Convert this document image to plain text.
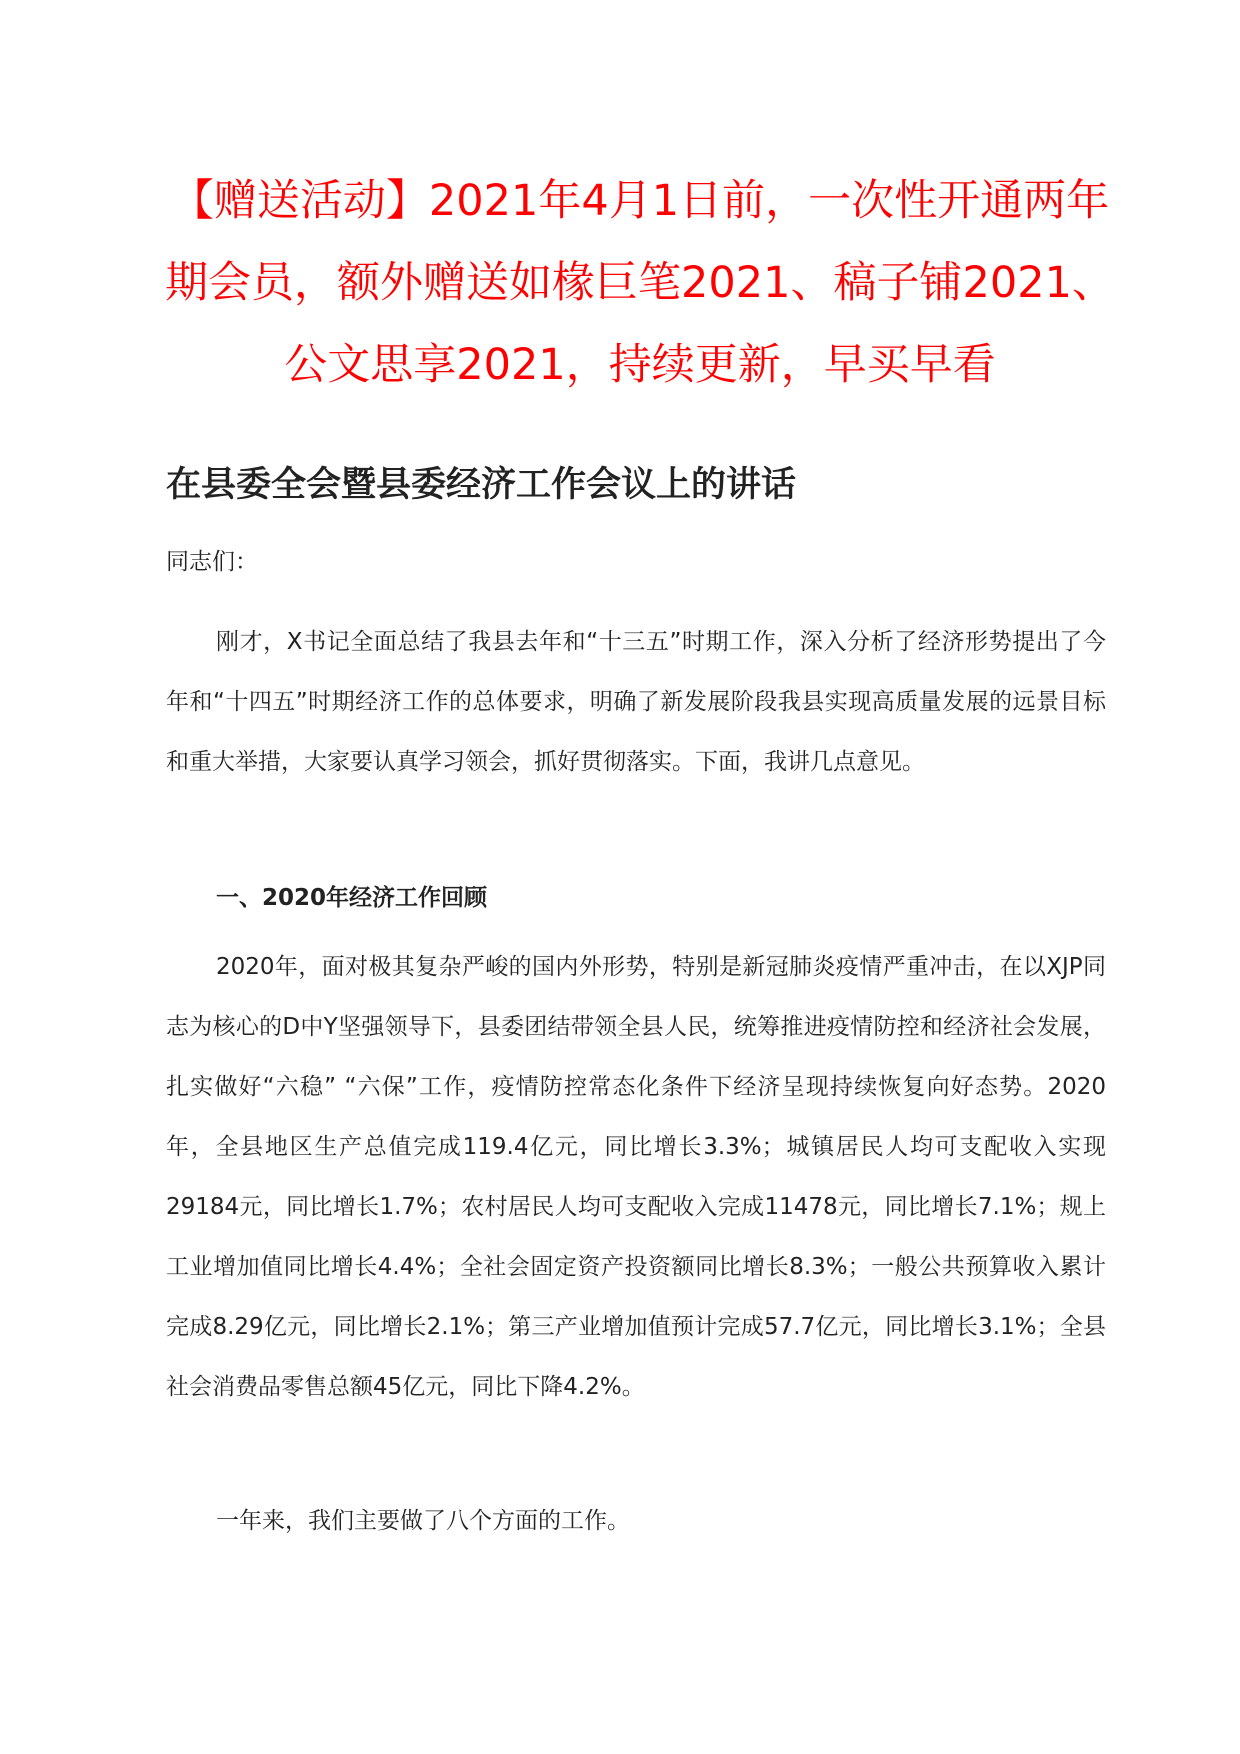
【赠送活动】2021年4月1日前，一次性开通两年期会员，额外赠送如椽巨笔2021、稿子铺2021、公文思享2021，持续更新，早买早看

在县委全会暨县委经济工作会议上的讲话

同志们：

刚才，X书记全面总结了我县去年和“十三五”时期工作，深入分析了经济形势提出了今年和“十四五”时期经济工作的总体要求，明确了新发展阶段我县实现高质量发展的远景目标和重大举措，大家要认真学习领会，抓好贯彻落实。下面，我讲几点意见。

一、2020年经济工作回顾

2020年，面对极其复杂严峻的国内外形势，特别是新冠肺炎疫情严重冲击，在以XJP同志为核心的D中Y坚强领导下，县委团结带领全县人民，统筹推进疫情防控和经济社会发展，扎实做好“六稳” “六保”工作，疫情防控常态化条件下经济呈现持续恢复向好态势。2020年，全县地区生产总值完成119.4亿元，同比增长3.3%；城镇居民人均可支配收入实现29184元，同比增长1.7%；农村居民人均可支配收入完成11478元，同比增长7.1%；规上工业增加值同比增长4.4%；全社会固定资产投资额同比增长8.3%；一般公共预算收入累计完成8.29亿元，同比增长2.1%；第三产业增加值预计完成57.7亿元，同比增长3.1%；全县社会消费品零售总额45亿元，同比下降4.2%。

一年来，我们主要做了八个方面的工作。
